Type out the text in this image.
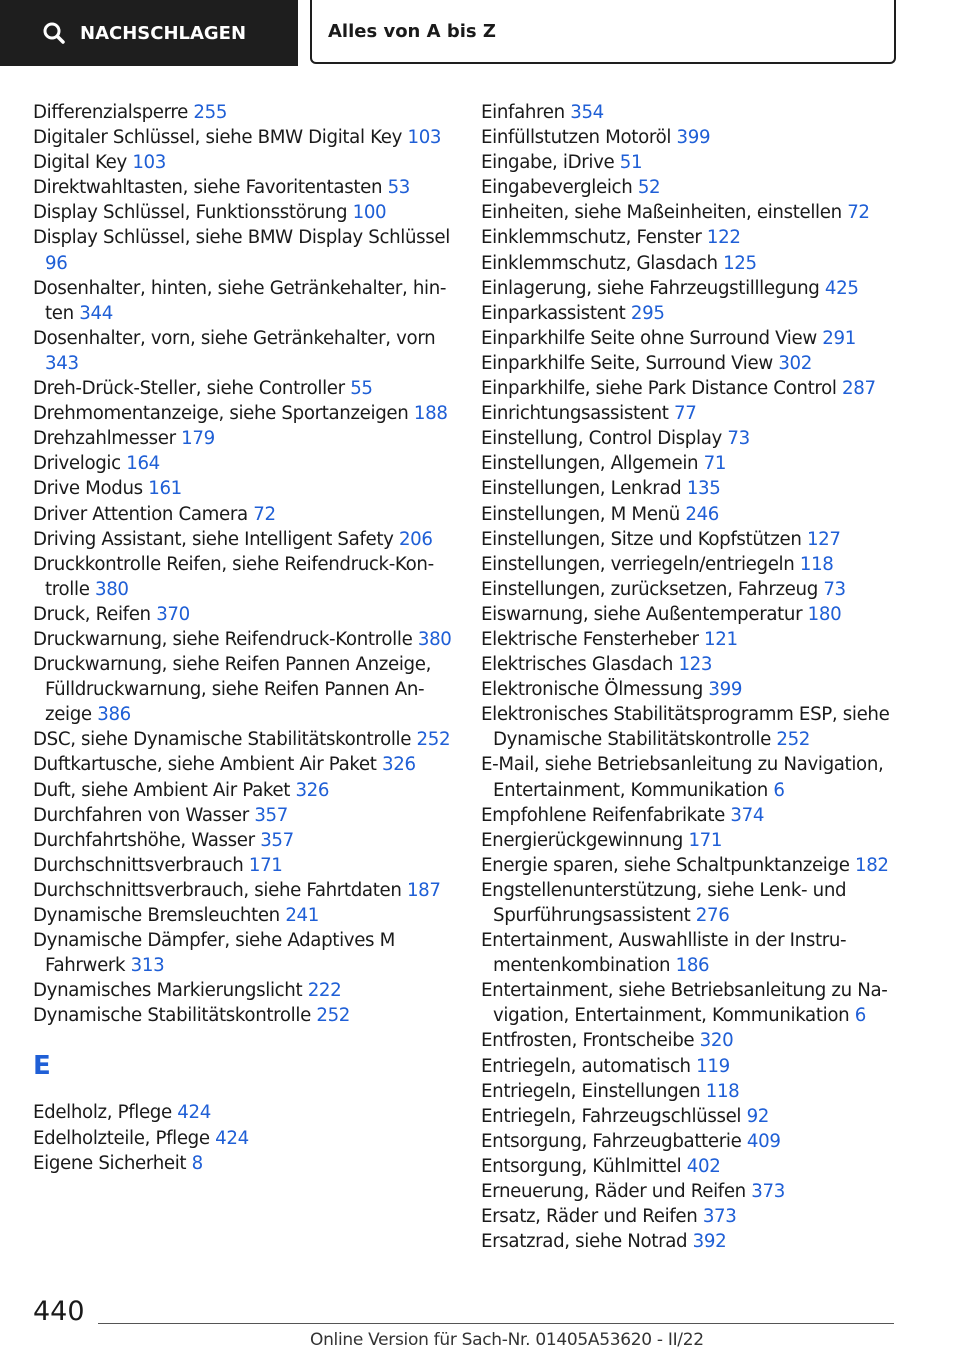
NACHSCHLAGEN	Alles von A bis Z
Differenzialsperre 255
Digitaler Schlüssel, siehe BMW Digital Key 103
Digital Key 103
Direktwahltasten, siehe Favoritentasten 53
Display Schlüssel, Funktionsstörung 100
Display Schlüssel, siehe BMW Display Schlüssel 96
Dosenhalter, hinten, siehe Getränkehalter, hinten 344
Dosenhalter, vorn, siehe Getränkehalter, vorn 343
Dreh-Drück-Steller, siehe Controller 55
Drehmomentanzeige, siehe Sportanzeigen 188
Drehzahlmesser 179
Drivelogic 164
Drive Modus 161
Driver Attention Camera 72
Driving Assistant, siehe Intelligent Safety 206
Druckkontrolle Reifen, siehe Reifendruck-Kontrolle 380
Druck, Reifen 370
Druckwarnung, siehe Reifendruck-Kontrolle 380
Druckwarnung, siehe Reifen Pannen Anzeige, Fülldruckwarnung, siehe Reifen Pannen Anzeige 386
DSC, siehe Dynamische Stabilitätskontrolle 252
Duftkartusche, siehe Ambient Air Paket 326
Duft, siehe Ambient Air Paket 326
Durchfahren von Wasser 357
Durchfahrtshöhe, Wasser 357
Durchschnittsverbrauch 171
Durchschnittsverbrauch, siehe Fahrtdaten 187
Dynamische Bremsleuchten 241
Dynamische Dämpfer, siehe Adaptives M Fahrwerk 313
Dynamisches Markierungslicht 222
Dynamische Stabilitätskontrolle 252
E
Edelholz, Pflege 424
Edelholzteile, Pflege 424
Eigene Sicherheit 8
Einfahren 354
Einfüllstutzen Motoröl 399
Eingabe, iDrive 51
Eingabevergleich 52
Einheiten, siehe Maßeinheiten, einstellen 72
Einklemmschutz, Fenster 122
Einklemmschutz, Glasdach 125
Einlagerung, siehe Fahrzeugstilllegung 425
Einparkassistent 295
Einparkhilfe Seite ohne Surround View 291
Einparkhilfe Seite, Surround View 302
Einparkhilfe, siehe Park Distance Control 287
Einrichtungsassistent 77
Einstellung, Control Display 73
Einstellungen, Allgemein 71
Einstellungen, Lenkrad 135
Einstellungen, M Menü 246
Einstellungen, Sitze und Kopfstützen 127
Einstellungen, verriegeln/entriegeln 118
Einstellungen, zurücksetzen, Fahrzeug 73
Eiswarnung, siehe Außentemperatur 180
Elektrische Fensterheber 121
Elektrisches Glasdach 123
Elektronische Ölmessung 399
Elektronisches Stabilitätsprogramm ESP, siehe Dynamische Stabilitätskontrolle 252
E-Mail, siehe Betriebsanleitung zu Navigation, Entertainment, Kommunikation 6
Empfohlene Reifenfabrikate 374
Energierückgewinnung 171
Energie sparen, siehe Schaltpunktanzeige 182
Engstellenunterstützung, siehe Lenk- und Spurführungsassistent 276
Entertainment, Auswahlliste in der Instrumentenkombination 186
Entertainment, siehe Betriebsanleitung zu Navigation, Entertainment, Kommunikation 6
Entfrosten, Frontscheibe 320
Entriegeln, automatisch 119
Entriegeln, Einstellungen 118
Entriegeln, Fahrzeugschlüssel 92
Entsorgung, Fahrzeugbatterie 409
Entsorgung, Kühlmittel 402
Erneuerung, Räder und Reifen 373
Ersatz, Räder und Reifen 373
Ersatzrad, siehe Notrad 392
440
Online Version für Sach-Nr. 01405A53620 - II/22
